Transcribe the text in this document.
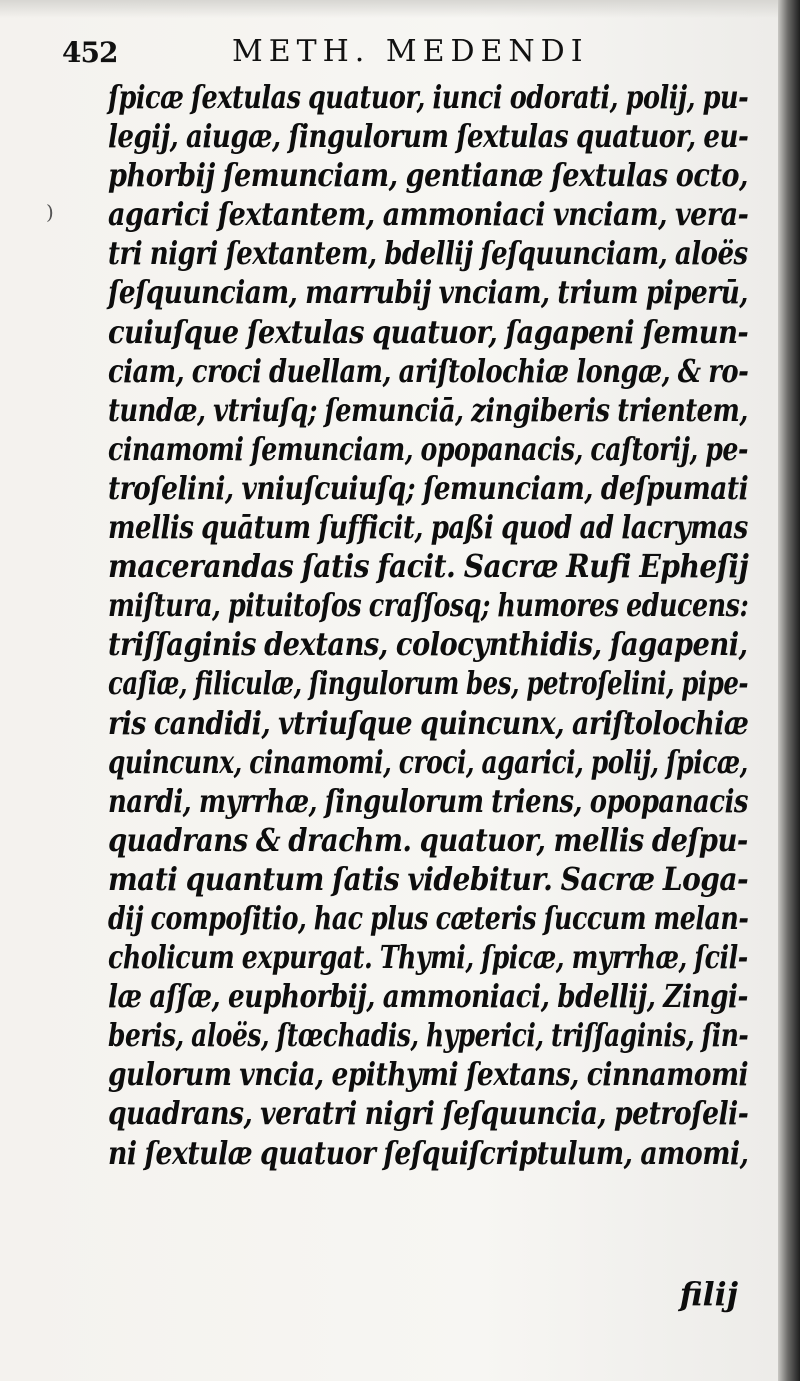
452	METH. MEDENDI
)
ſpicæ ſextulas quatuor, iunci odorati, polij, pu-
legij, aiugæ, ſingulorum ſextulas quatuor, eu-
phorbij ſemunciam, gentianæ ſextulas octo,
agarici ſextantem, ammoniaci vnciam, vera-
tri nigri ſextantem, bdellij ſeſquunciam, aloës
ſeſquunciam, marrubij vnciam, trium piperū,
cuiuſque ſextulas quatuor, ſagapeni ſemun-
ciam, croci duellam, ariſtolochiæ longæ, & ro-
tundæ, vtriuſq; ſemunciā, zingiberis trientem,
cinamomi ſemunciam, opopanacis, caſtorij, pe-
troſelini, vniuſcuiuſq; ſemunciam, deſpumati
mellis quātum ſufficit, paßi quod ad lacrymas
macerandas ſatis facit. Sacræ Rufi Epheſij
miſtura, pituitoſos craſſosq; humores educens:
triſſaginis dextans, colocynthidis, ſagapeni,
caſiæ, filiculæ, ſingulorum bes, petroſelini, pipe-
ris candidi, vtriuſque quincunx, ariſtolochiæ
quincunx, cinamomi, croci, agarici, polij, ſpicæ,
nardi, myrrhæ, ſingulorum triens, opopanacis
quadrans & drachm. quatuor, mellis deſpu-
mati quantum ſatis videbitur. Sacræ Loga-
dij compoſitio, hac plus cæteris ſuccum melan-
cholicum expurgat. Thymi, ſpicæ, myrrhæ, ſcil-
læ aſſæ, euphorbij, ammoniaci, bdellij, Zingi-
beris, aloës, ſtœchadis, hyperici, triſſaginis, ſin-
gulorum vncia, epithymi ſextans, cinnamomi
quadrans, veratri nigri ſeſquuncia, petroſeli-
ni ſextulæ quatuor ſeſquiſcriptulum, amomi,
filij
